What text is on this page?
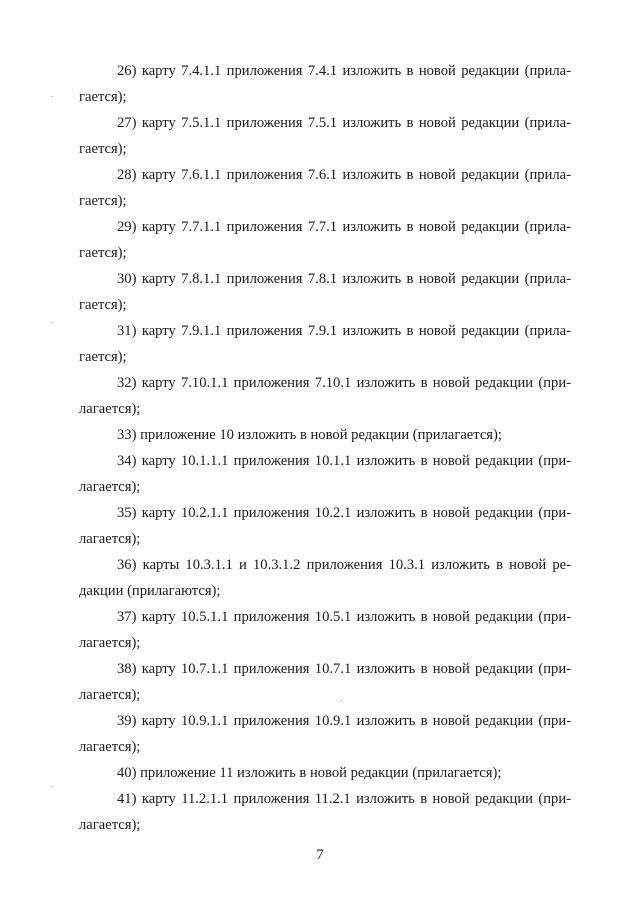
26) карту 7.4.1.1 приложения 7.4.1 изложить в новой редакции (прила-
гается);

27) карту 7.5.1.1 приложения 7.5.1 изложить в новой редакции (прила-
гается);

28) карту 7.6.1.1 приложения 7.6.1 изложить в новой редакции (прила-
гается);

29) карту 7.7.1.1 приложения 7.7.1 изложить в новой редакции (прила-
гается);

30) карту 7.8.1.1 приложения 7.8.1 изложить в новой редакции (прила-
гается);

31) карту 7.9.1.1 приложения 7.9.1 изложить в новой редакции (прила-
гается);

32) карту 7.10.1.1 приложения 7.10.1 изложить в новой редакции (при-
лагается);

33) приложение 10 изложить в новой редакции (прилагается);

34) карту 10.1.1.1 приложения 10.1.1 изложить в новой редакции (при-
лагается);

35) карту 10.2.1.1 приложения 10.2.1 изложить в новой редакции (при-
лагается);

36) карты 10.3.1.1 и 10.3.1.2 приложения 10.3.1 изложить в новой ре-
дакции (прилагаются);

37) карту 10.5.1.1 приложения 10.5.1 изложить в новой редакции (при-
лагается);

38) карту 10.7.1.1 приложения 10.7.1 изложить в новой редакции (при-
лагается);

39) карту 10.9.1.1 приложения 10.9.1 изложить в новой редакции (при-
лагается);

40) приложение 11 изложить в новой редакции (прилагается);

41) карту 11.2.1.1 приложения 11.2.1 изложить в новой редакции (при-
лагается);

7
